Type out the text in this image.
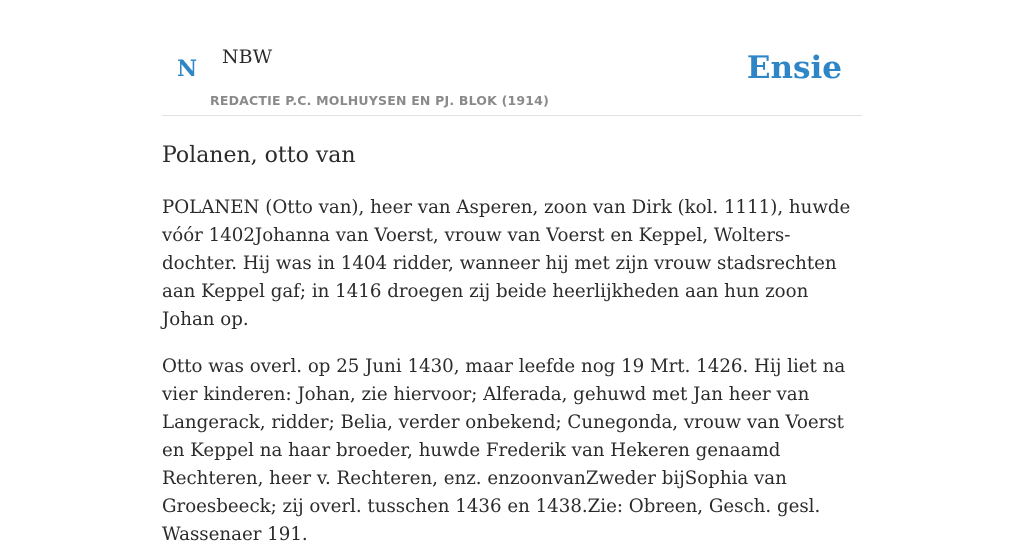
N NBW
REDACTIE P.C. MOLHUYSEN EN PJ. BLOK (1914)
Ensie
Polanen, otto van

POLANEN (Otto van), heer van Asperen, zoon van Dirk (kol. 1111), huwde vóór 1402Johanna van Voerst, vrouw van Voerst en Keppel, Wolters-dochter. Hij was in 1404 ridder, wanneer hij met zijn vrouw stadsrechten aan Keppel gaf; in 1416 droegen zij beide heerlijkheden aan hun zoon Johan op.

Otto was overl. op 25 Juni 1430, maar leefde nog 19 Mrt. 1426. Hij liet na vier kinderen: Johan, zie hiervoor; Alferada, gehuwd met Jan heer van Langerack, ridder; Belia, verder onbekend; Cunegonda, vrouw van Voerst en Keppel na haar broeder, huwde Frederik van Hekeren genaamd Rechteren, heer v. Rechteren, enz. enzoonvanZweder bijSophia van Groesbeeck; zij overl. tusschen 1436 en 1438.Zie: Obreen, Gesch. gesl. Wassenaer 191.
